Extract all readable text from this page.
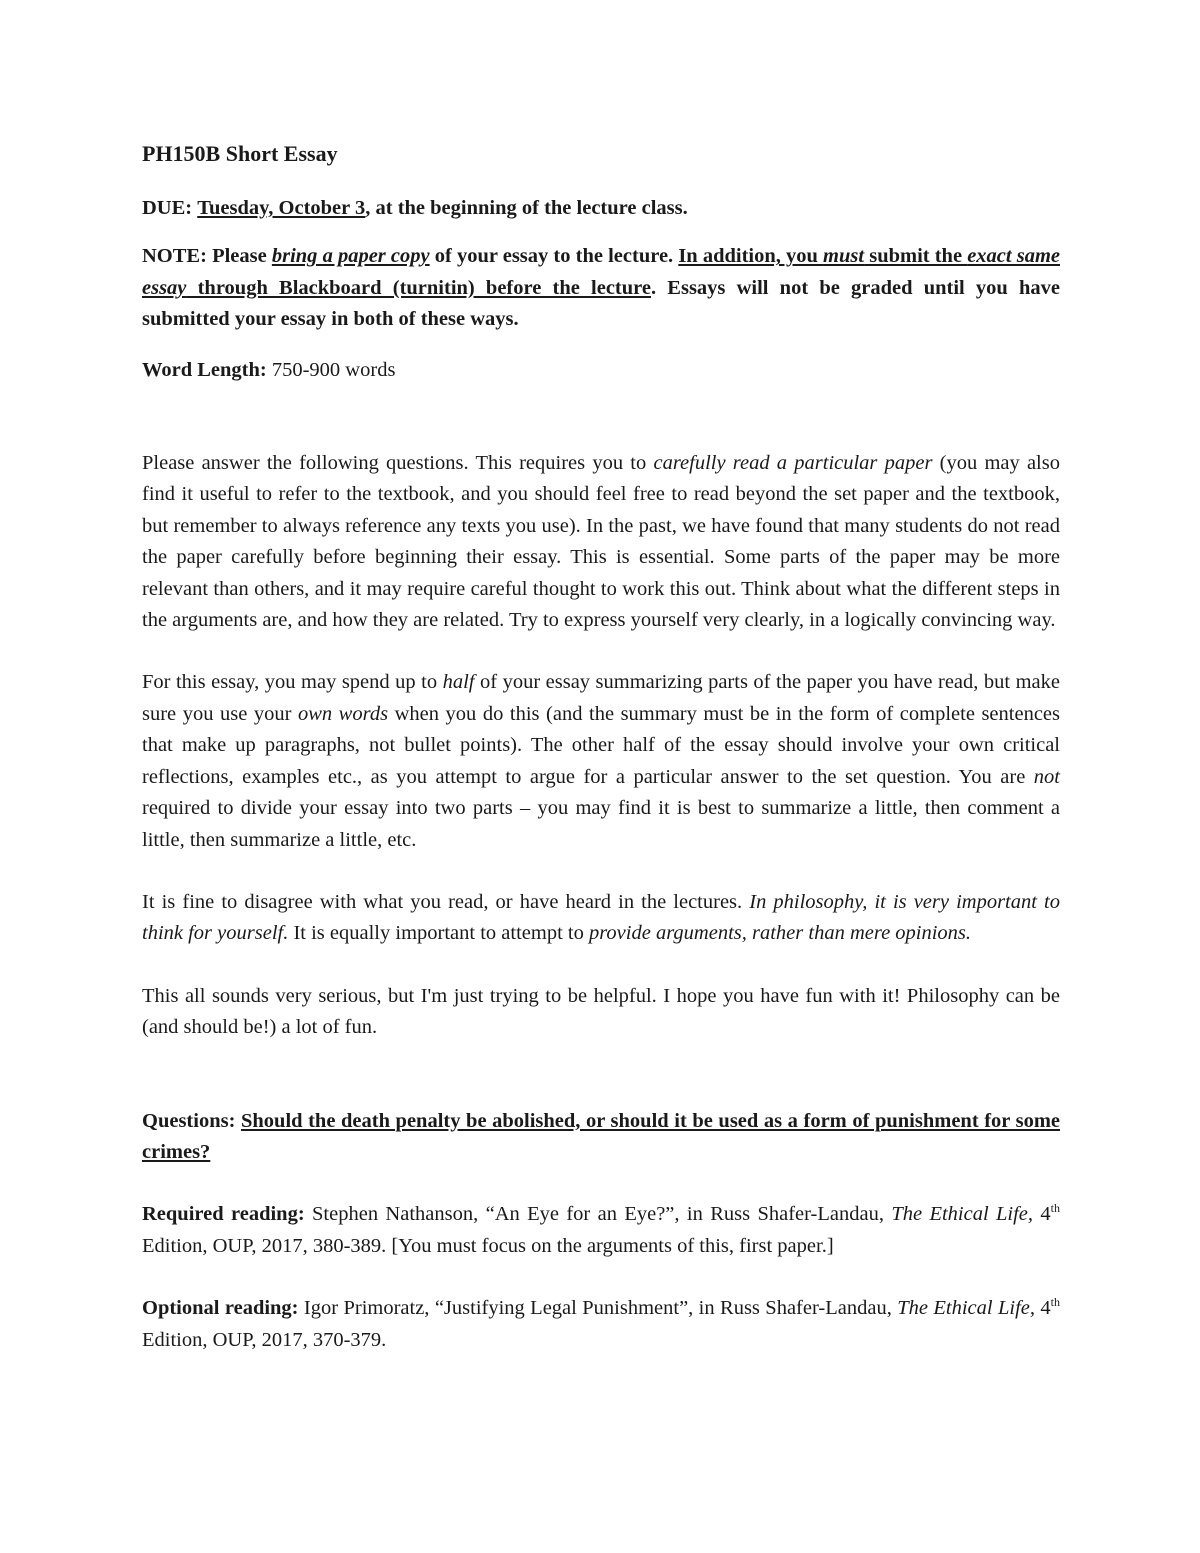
PH150B Short Essay

DUE: Tuesday, October 3, at the beginning of the lecture class.

NOTE: Please bring a paper copy of your essay to the lecture. In addition, you must submit the exact same essay through Blackboard (turnitin) before the lecture. Essays will not be graded until you have submitted your essay in both of these ways.

Word Length: 750-900 words

Please answer the following questions. This requires you to carefully read a particular paper (you may also find it useful to refer to the textbook, and you should feel free to read beyond the set paper and the textbook, but remember to always reference any texts you use). In the past, we have found that many students do not read the paper carefully before beginning their essay. This is essential. Some parts of the paper may be more relevant than others, and it may require careful thought to work this out. Think about what the different steps in the arguments are, and how they are related. Try to express yourself very clearly, in a logically convincing way.

For this essay, you may spend up to half of your essay summarizing parts of the paper you have read, but make sure you use your own words when you do this (and the summary must be in the form of complete sentences that make up paragraphs, not bullet points). The other half of the essay should involve your own critical reflections, examples etc., as you attempt to argue for a particular answer to the set question. You are not required to divide your essay into two parts – you may find it is best to summarize a little, then comment a little, then summarize a little, etc.

It is fine to disagree with what you read, or have heard in the lectures. In philosophy, it is very important to think for yourself. It is equally important to attempt to provide arguments, rather than mere opinions.

This all sounds very serious, but I'm just trying to be helpful. I hope you have fun with it! Philosophy can be (and should be!) a lot of fun.

Questions: Should the death penalty be abolished, or should it be used as a form of punishment for some crimes?

Required reading: Stephen Nathanson, “An Eye for an Eye?”, in Russ Shafer-Landau, The Ethical Life, 4th Edition, OUP, 2017, 380-389. [You must focus on the arguments of this, first paper.]

Optional reading: Igor Primoratz, “Justifying Legal Punishment”, in Russ Shafer-Landau, The Ethical Life, 4th Edition, OUP, 2017, 370-379.
